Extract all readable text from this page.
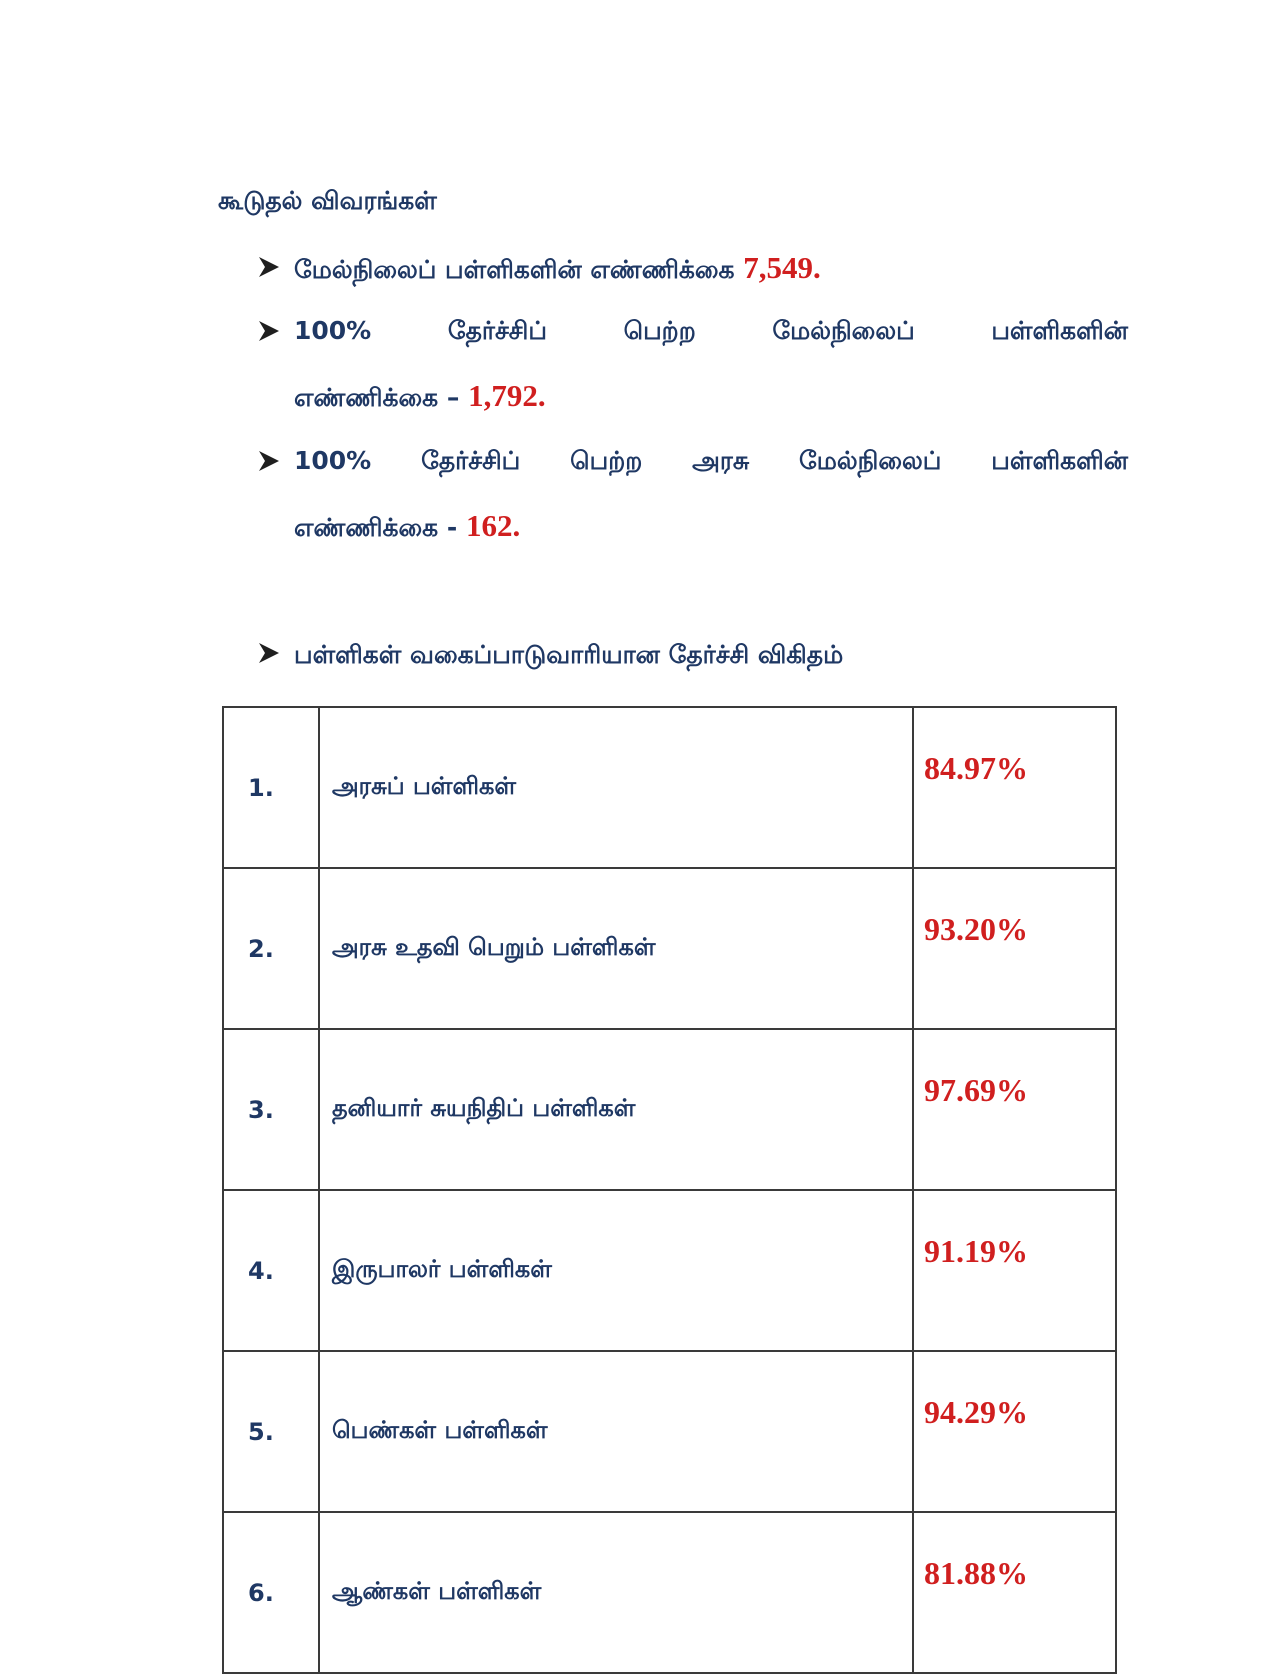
கூடுதல் விவரங்கள்
மேல்நிலைப் பள்ளிகளின் எண்ணிக்கை 7,549.
100%	தேர்ச்சிப்	பெற்ற	மேல்நிலைப்	பள்ளிகளின்
எண்ணிக்கை – 1,792.
100% தேர்ச்சிப் பெற்ற அரசு மேல்நிலைப் பள்ளிகளின்
எண்ணிக்கை - 162.
பள்ளிகள் வகைப்பாடுவாரியான தேர்ச்சி விகிதம்
1.	அரசுப் பள்ளிகள்	84.97%
2.	அரசு உதவி பெறும் பள்ளிகள்	93.20%
3.	தனியார் சுயநிதிப் பள்ளிகள்	97.69%
4.	இருபாலர் பள்ளிகள்	91.19%
5.	பெண்கள் பள்ளிகள்	94.29%
6.	ஆண்கள் பள்ளிகள்	81.88%
